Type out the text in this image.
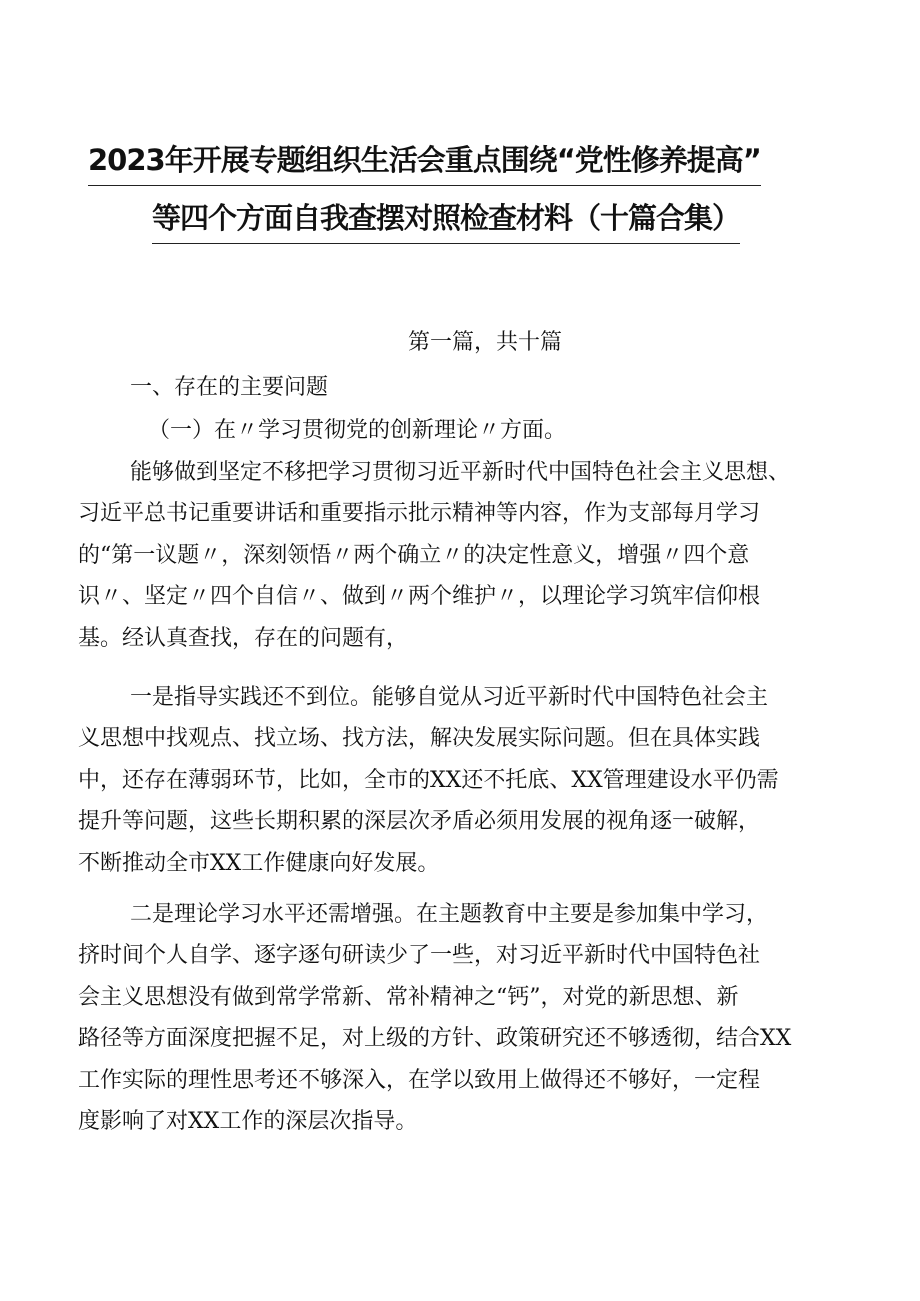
2023年开展专题组织生活会重点围绕“党性修养提高”
等四个方面自我查摆对照检查材料（十篇合集）
第一篇，共十篇
一、存在的主要问题
（一）在〃学习贯彻党的创新理论〃方面。
能够做到坚定不移把学习贯彻习近平新时代中国特色社会主义思想、
习近平总书记重要讲话和重要指示批示精神等内容，作为支部每月学习
的“第一议题〃，深刻领悟〃两个确立〃的决定性意义，增强〃四个意
识〃、坚定〃四个自信〃、做到〃两个维护〃，以理论学习筑牢信仰根
基。经认真查找，存在的问题有，
一是指导实践还不到位。能够自觉从习近平新时代中国特色社会主
义思想中找观点、找立场、找方法，解决发展实际问题。但在具体实践
中，还存在薄弱环节，比如，全市的XX还不托底、XX管理建设水平仍需
提升等问题，这些长期积累的深层次矛盾必须用发展的视角逐一破解，
不断推动全市XX工作健康向好发展。
二是理论学习水平还需增强。在主题教育中主要是参加集中学习，
挤时间个人自学、逐字逐句研读少了一些，对习近平新时代中国特色社
会主义思想没有做到常学常新、常补精神之“钙”，对党的新思想、新
路径等方面深度把握不足，对上级的方针、政策研究还不够透彻，结合XX
工作实际的理性思考还不够深入，在学以致用上做得还不够好，一定程
度影响了对XX工作的深层次指导。
